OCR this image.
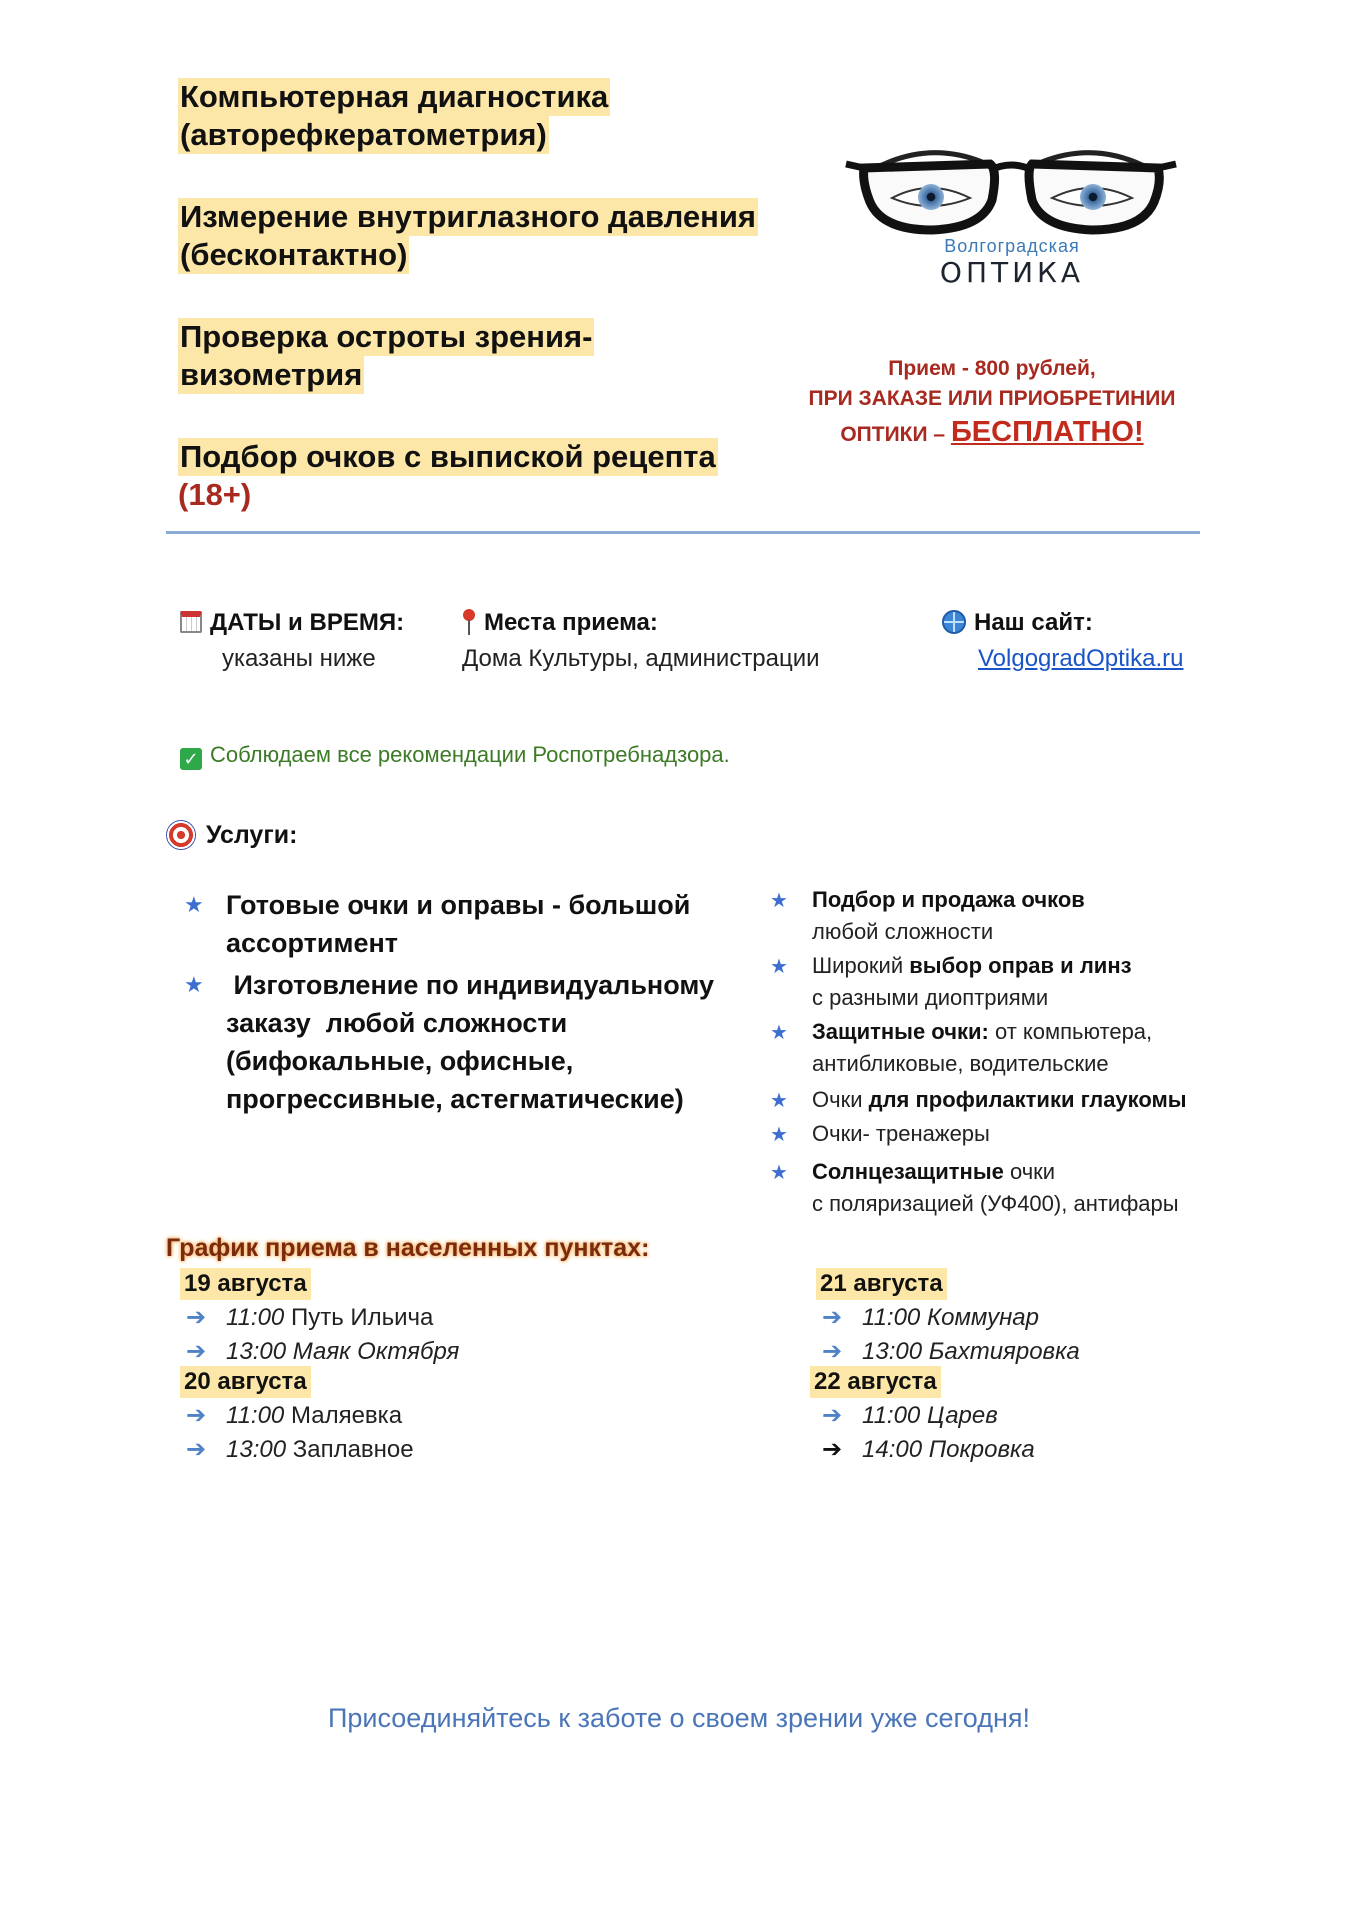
Компьютерная диагностика
(авторефкератометрия)
Измерение внутриглазного давления
(бесконтактно)
Проверка остроты зрения-
визометрия
Подбор очков с выпиской рецепта
(18+)
Волгоградская
ОПТИКА
Прием - 800 рублей,
ПРИ ЗАКАЗЕ ИЛИ ПРИОБРЕТИНИИ
ОПТИКИ – БЕСПЛАТНО!
ДАТЫ и ВРЕМЯ:
указаны ниже
Места приема:
Дома Культуры, администрации
Наш сайт:
VolgogradOptika.ru
✓ Соблюдаем все рекомендации Роспотребнадзора.
Услуги:
★ Готовые очки и оправы - большой
ассортимент
★ Изготовление по индивидуальному
заказу  любой сложности
(бифокальные, офисные,
прогрессивные, астегматические)
★ Подбор и продажа очков
любой сложности
★ Широкий выбор оправ и линз
с разными диоптриями
★ Защитные очки: от компьютера,
антибликовые, водительские
★ Очки для профилактики глаукомы
★ Очки- тренажеры
★ Солнцезащитные очки
с поляризацией (УФ400), антифары
График приема в населенных пунктах:
19 августа
➔ 11:00 Путь Ильича
➔ 13:00 Маяк Октября
20 августа
➔ 11:00 Маляевка
➔ 13:00 Заплавное
21 августа
➔ 11:00 Коммунар
➔ 13:00 Бахтияровка
22 августа
➔ 11:00 Царев
➔ 14:00 Покровка
Присоединяйтесь к заботе о своем зрении уже сегодня!
